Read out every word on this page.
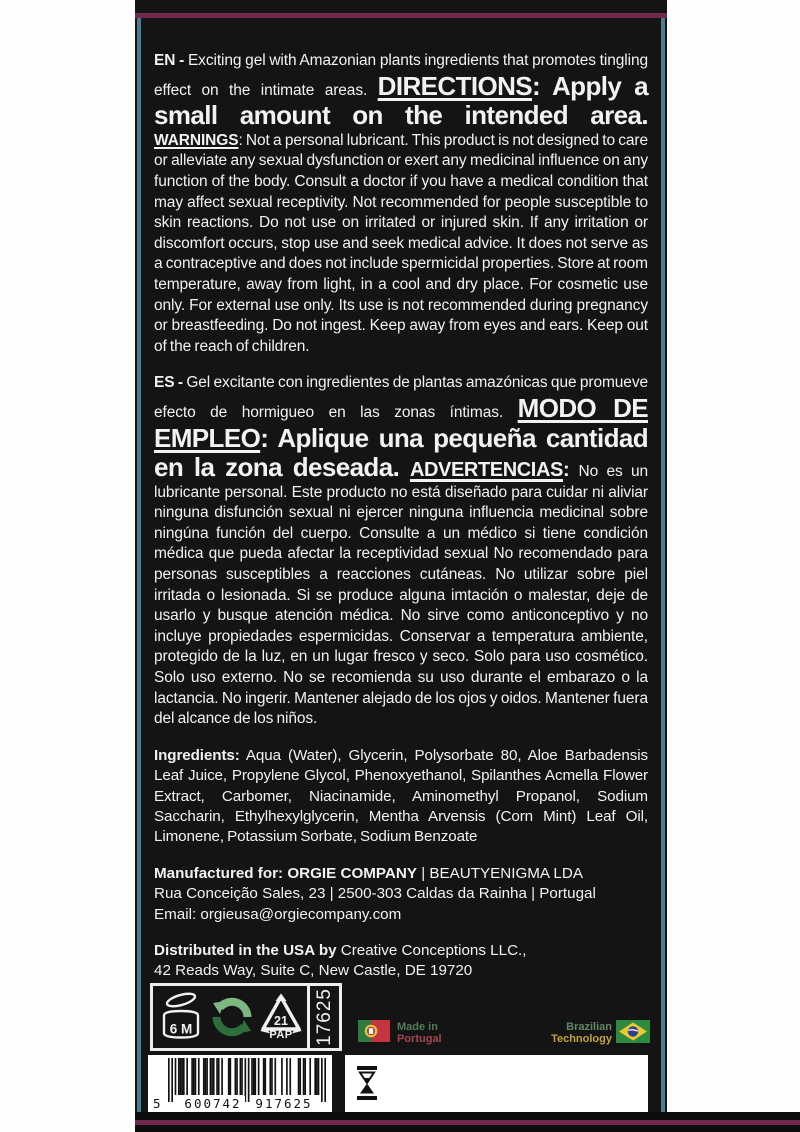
EN - Exciting gel with Amazonian plants ingredients that promotes tingling effect on the intimate areas. DIRECTIONS: Apply a small amount on the intended area. WARNINGS: Not a personal lubricant. This product is not designed to care or alleviate any sexual dysfunction or exert any medicinal influence on any function of the body. Consult a doctor if you have a medical condition that may affect sexual receptivity. Not recommended for people susceptible to skin reactions. Do not use on irritated or injured skin. If any irritation or discomfort occurs, stop use and seek medical advice. It does not serve as a contraceptive and does not include spermicidal properties. Store at room temperature, away from light, in a cool and dry place. For cosmetic use only. For external use only. Its use is not recommended during pregnancy or breastfeeding. Do not ingest. Keep away from eyes and ears. Keep out of the reach of children.

ES - Gel excitante con ingredientes de plantas amazónicas que promueve efecto de hormigueo en las zonas íntimas. MODO DE EMPLEO: Aplique una pequeña cantidad en la zona deseada. ADVERTENCIAS: No es un lubricante personal. Este producto no está diseñado para cuidar ni aliviar ninguna disfunción sexual ni ejercer ninguna influencia medicinal sobre ningúna función del cuerpo. Consulte a un médico si tiene condición médica que pueda afectar la receptividad sexual No recomendado para personas susceptibles a reacciones cutáneas. No utilizar sobre piel irritada o lesionada. Si se produce alguna imtación o malestar, deje de usarlo y busque atención médica. No sirve como anticonceptivo y no incluye propiedades espermicidas. Conservar a temperatura ambiente, protegido de la luz, en un lugar fresco y seco. Solo para uso cosmético. Solo uso externo. No se recomienda su uso durante el embarazo o la lactancia. No ingerir. Mantener alejado de los ojos y oidos. Mantener fuera del alcance de los niños.

Ingredients: Aqua (Water), Glycerin, Polysorbate 80, Aloe Barbadensis Leaf Juice, Propylene Glycol, Phenoxyethanol, Spilanthes Acmella Flower Extract, Carbomer, Niacinamide, Aminomethyl Propanol, Sodium Saccharin, Ethylhexylglycerin, Mentha Arvensis (Corn Mint) Leaf Oil, Limonene, Potassium Sorbate, Sodium Benzoate

Manufactured for: ORGIE COMPANY | BEAUTYENIGMA LDA
Rua Conceição Sales, 23 | 2500-303 Caldas da Rainha | Portugal
Email: orgieusa@orgiecompany.com

Distributed in the USA by Creative Conceptions LLC.,
42 Reads Way, Suite C, New Castle, DE 19720

6 M
21
PAP 17625	Made in
Portugal
Brazilian
Technology
5 600742 917625
